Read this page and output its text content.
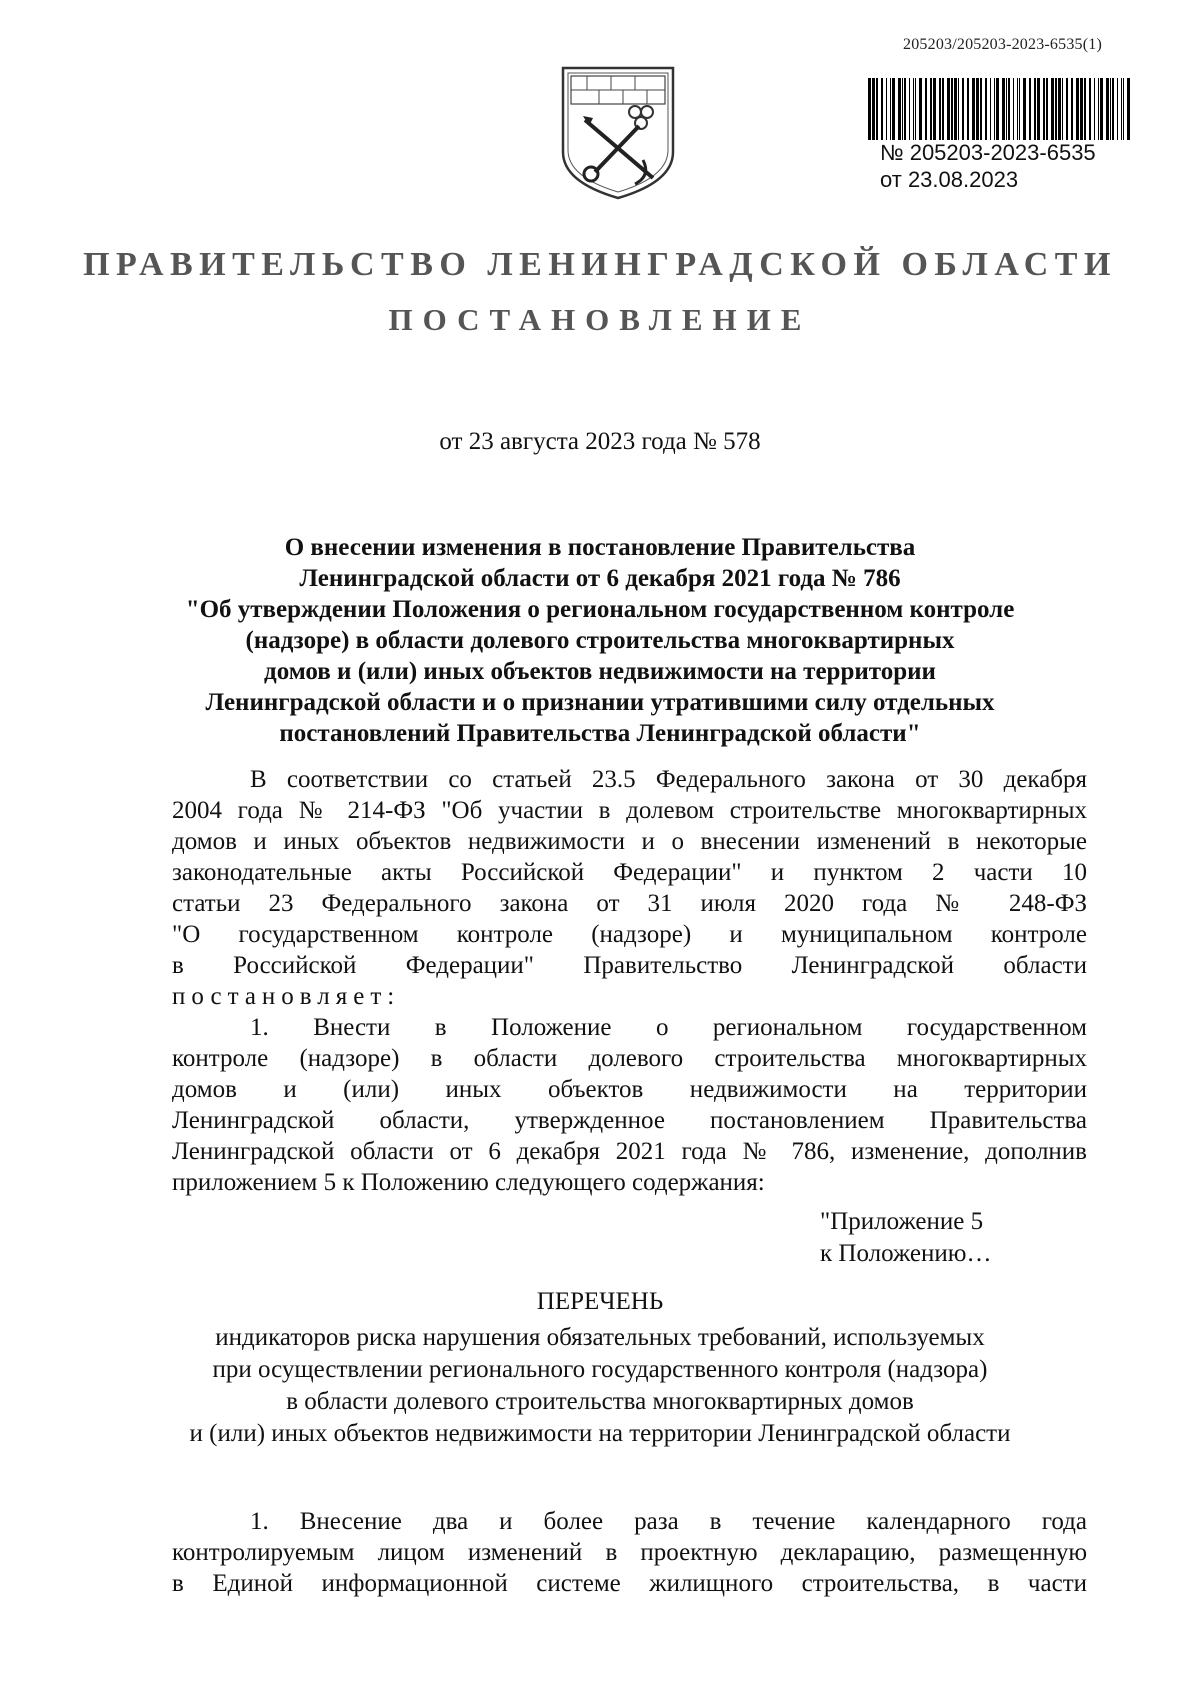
205203/205203-2023-6535(1)
№ 205203-2023-6535
от 23.08.2023
ПРАВИТЕЛЬСТВО ЛЕНИНГРАДСКОЙ ОБЛАСТИ
ПОСТАНОВЛЕНИЕ
от 23 августа 2023 года № 578
О внесении изменения в постановление Правительства
Ленинградской области от 6 декабря 2021 года № 786
"Об утверждении Положения о региональном государственном контроле
(надзоре) в области долевого строительства многоквартирных
домов и (или) иных объектов недвижимости на территории
Ленинградской области и о признании утратившими силу отдельных
постановлений Правительства Ленинградской области"
В соответствии со статьей 23.5 Федерального закона от 30 декабря
2004 года № 214-ФЗ "Об участии в долевом строительстве многоквартирных
домов и иных объектов недвижимости и о внесении изменений в некоторые
законодательные акты Российской Федерации" и пунктом 2 части 10
статьи 23 Федерального закона от 31 июля 2020 года № 248-ФЗ
"О государственном контроле (надзоре) и муниципальном контроле
в Российской Федерации" Правительство Ленинградской области
постановляет:
1. Внести в Положение о региональном государственном
контроле (надзоре) в области долевого строительства многоквартирных
домов и (или) иных объектов недвижимости на территории
Ленинградской области, утвержденное постановлением Правительства
Ленинградской области от 6 декабря 2021 года № 786, изменение, дополнив
приложением 5 к Положению следующего содержания:
"Приложение 5
к Положению…
ПЕРЕЧЕНЬ
индикаторов риска нарушения обязательных требований, используемых
при осуществлении регионального государственного контроля (надзора)
в области долевого строительства многоквартирных домов
и (или) иных объектов недвижимости на территории Ленинградской области
1. Внесение два и более раза в течение календарного года
контролируемым лицом изменений в проектную декларацию, размещенную
в Единой информационной системе жилищного строительства, в части
